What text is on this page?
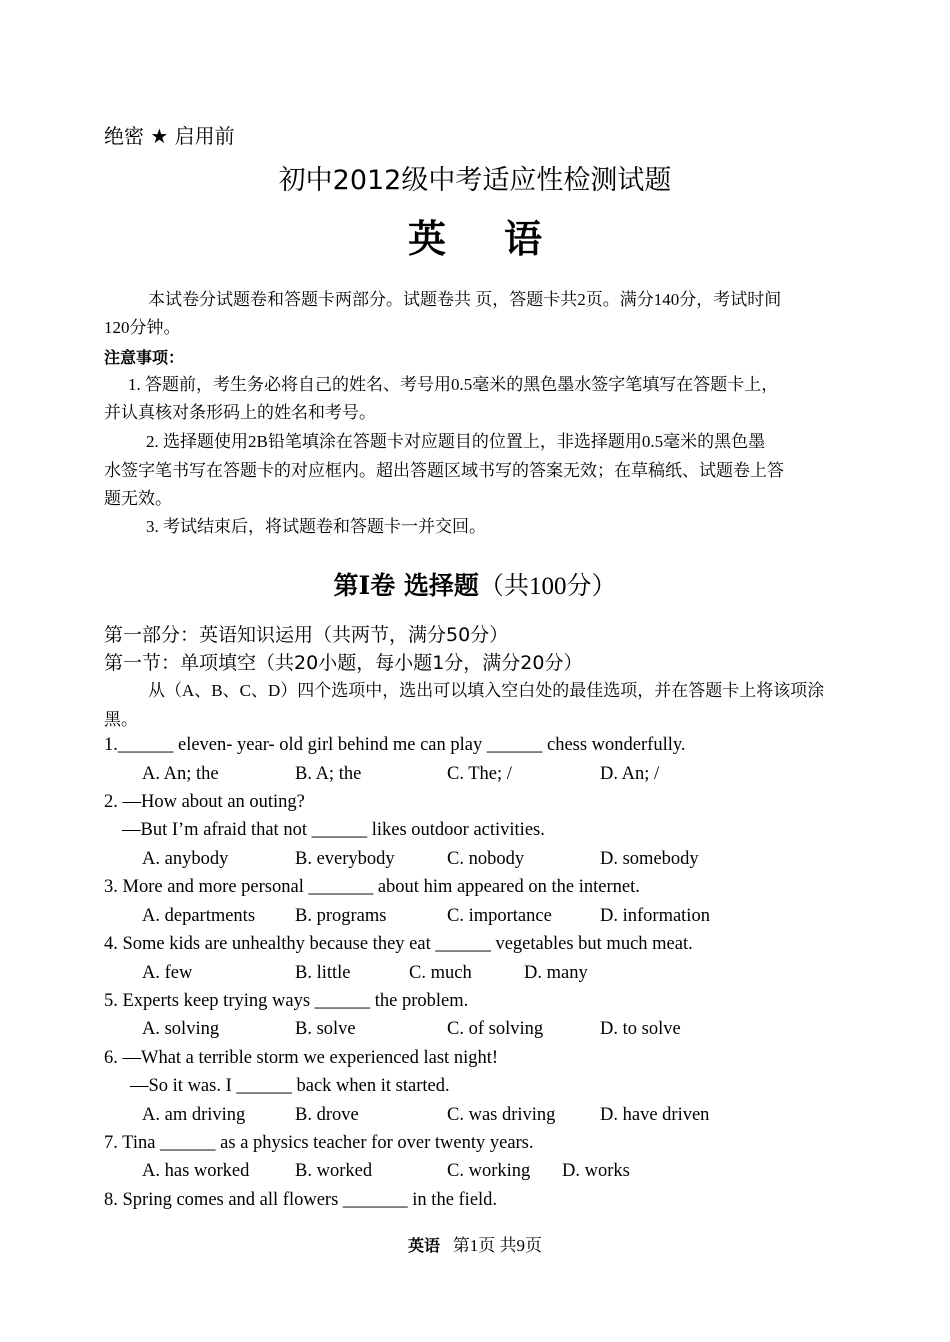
绝密 ★ 启用前
初中2012级中考适应性检测试题
英语
本试卷分试题卷和答题卡两部分。试题卷共 页，答题卡共2页。满分140分，考试时间
120分钟。
注意事项：
1. 答题前，考生务必将自己的姓名、考号用0.5毫米的黑色墨水签字笔填写在答题卡上，
并认真核对条形码上的姓名和考号。
2. 选择题使用2B铅笔填涂在答题卡对应题目的位置上，非选择题用0.5毫米的黑色墨
水签字笔书写在答题卡的对应框内。超出答题区域书写的答案无效；在草稿纸、试题卷上答
题无效。
3. 考试结束后，将试题卷和答题卡一并交回。
第I卷 选择题（共100分）
第一部分：英语知识运用（共两节，满分50分）
第一节：单项填空（共20小题，每小题1分，满分20分）
从（A、B、C、D）四个选项中，选出可以填入空白处的最佳选项，并在答题卡上将该项涂
黑。
1.______ eleven- year- old girl behind me can play ______ chess wonderfully.
A. An; the	B. A; the	C. The; /	D. An; /
2. —How about an outing?
—But I’m afraid that not ______ likes outdoor activities.
A. anybody	B. everybody	C. nobody	D. somebody
3. More and more personal _______ about him appeared on the internet.
A. departments B. programs	C. importance	D. information
4. Some kids are unhealthy because they eat ______ vegetables but much meat.
A. few	B. little	C. much	D. many
5. Experts keep trying ways ______ the problem.
A. solving	B. solve	C. of solving	D. to solve
6. —What a terrible storm we experienced last night!
—So it was. I ______ back when it started.
A. am driving	B. drove	C. was driving D. have driven
7. Tina ______ as a physics teacher for over twenty years.
A. has worked B. worked	C. working D. works
8. Spring comes and all flowers _______ in the field.
英语 第1页 共9页
